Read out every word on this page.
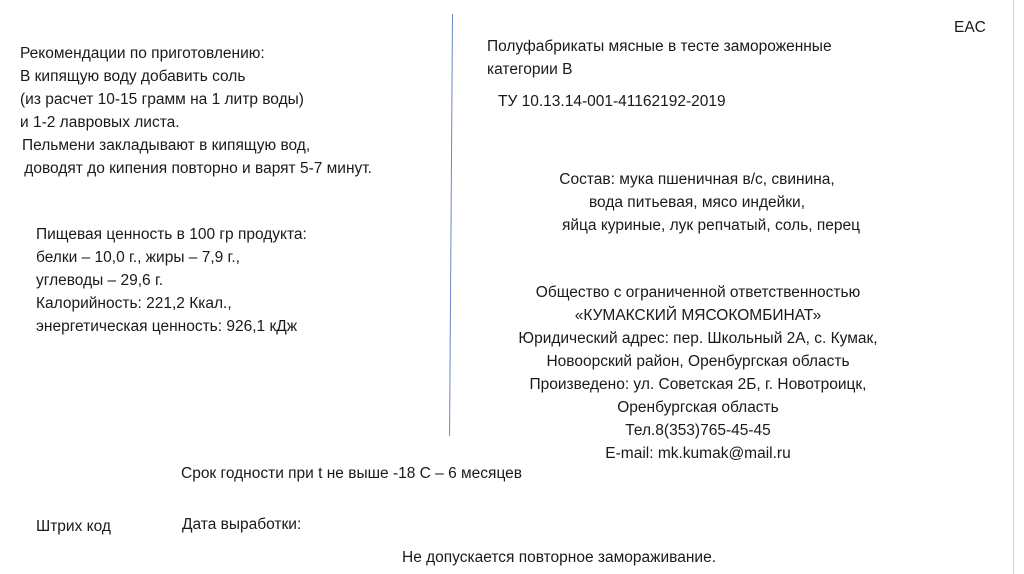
EAC
Рекомендации по приготовлению:
В кипящую воду добавить соль
(из расчет 10-15 грамм на 1 литр воды)
и 1-2 лавровых листа.
Пельмени закладывают в кипящую вод,
доводят до кипения повторно и варят 5-7 минут.
Пищевая ценность в 100 гр продукта:
белки – 10,0 г., жиры – 7,9 г.,
углеводы – 29,6 г.
Калорийность: 221,2 Ккал.,
энергетическая ценность: 926,1 кДж
Полуфабрикаты мясные в тесте замороженные
категории В
ТУ 10.13.14-001-41162192-2019
Состав: мука пшеничная в/с, свинина,
вода питьевая, мясо индейки,
яйца куриные, лук репчатый, соль, перец
Общество с ограниченной ответственностью
«КУМАКСКИЙ МЯСОКОМБИНАТ»
Юридический адрес: пер. Школьный 2А, с. Кумак,
Новоорский район, Оренбургская область
Произведено: ул. Советская 2Б, г. Новотроицк,
Оренбургская область
Тел.8(353)765-45-45
E-mail: mk.kumak@mail.ru
Срок годности при t не выше -18 С – 6 месяцев
Штрих код	Дата выработки:
Не допускается повторное замораживание.
